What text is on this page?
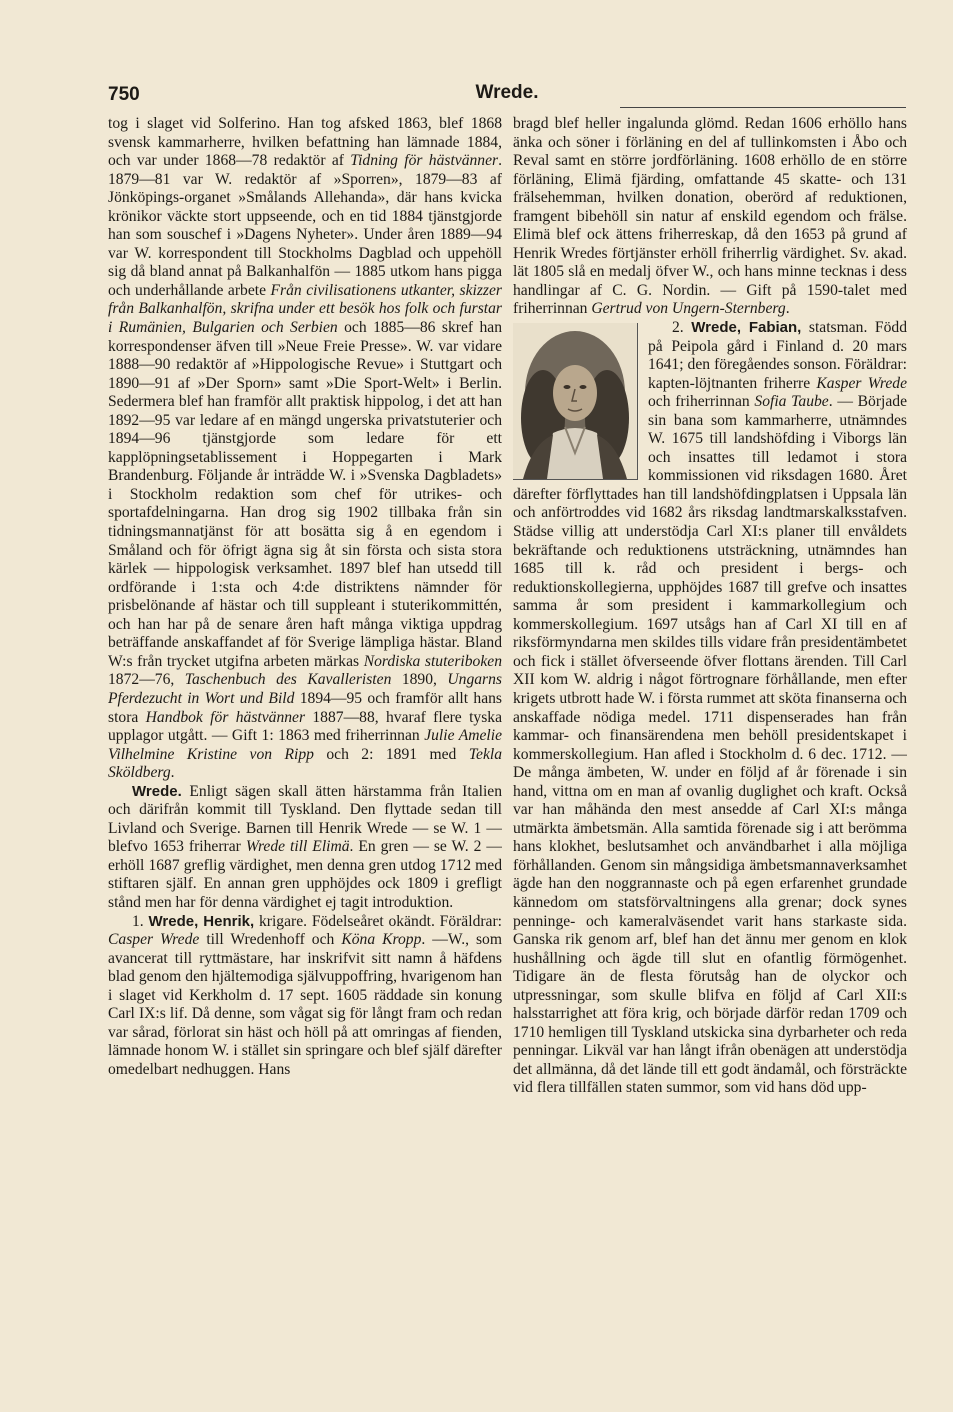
750	Wrede.

tog i slaget vid Solferino. Han tog afsked 1863, blef 1868 svensk kammarherre, hvilken befattning han lämnade 1884, och var under 1868—78 redaktör af Tidning för hästvänner. 1879—81 var W. redaktör af »Sporren», 1879—83 af Jönköpings-organet »Smålands Allehanda», där hans kvicka krönikor väckte stort uppseende, och en tid 1884 tjänstgjorde han som souschef i »Dagens Nyheter». Under åren 1889—94 var W. korrespondent till Stockholms Dagblad och uppehöll sig då bland annat på Balkanhalfön — 1885 utkom hans pigga och underhållande arbete Från civilisationens utkanter, skizzer från Balkanhalfön, skrifna under ett besök hos folk och furstar i Rumänien, Bulgarien och Serbien och 1885—86 skref han korrespondenser äfven till »Neue Freie Presse». W. var vidare 1888—90 redaktör af »Hippologische Revue» i Stuttgart och 1890—91 af »Der Sporn» samt »Die Sport-Welt» i Berlin. Sedermera blef han framför allt praktisk hippolog, i det att han 1892—95 var ledare af en mängd ungerska privatstuterier och 1894—96 tjänstgjorde som ledare för ett kapplöpningsetablissement i Hoppegarten i Mark Brandenburg. Följande år inträdde W. i »Svenska Dagbladets» i Stockholm redaktion som chef för utrikes- och sportafdelningarna. Han drog sig 1902 tillbaka från sin tidningsmannatjänst för att bosätta sig å en egendom i Småland och för öfrigt ägna sig åt sin första och sista stora kärlek — hippologisk verksamhet. 1897 blef han utsedd till ordförande i 1:sta och 4:de distriktens nämnder för prisbelönande af hästar och till suppleant i stuterikommittén, och han har på de senare åren haft många viktiga uppdrag beträffande anskaffandet af för Sverige lämpliga hästar. Bland W:s från trycket utgifna arbeten märkas Nordiska stuteriboken 1872—76, Taschenbuch des Kavalleristen 1890, Ungarns Pferdezucht in Wort und Bild 1894—95 och framför allt hans stora Handbok för hästvänner 1887—88, hvaraf flere tyska upplagor utgått. — Gift 1: 1863 med friherrinnan Julie Amelie Vilhelmine Kristine von Ripp och 2: 1891 med Tekla Sköldberg.

Wrede. Enligt sägen skall ätten härstamma från Italien och därifrån kommit till Tyskland. Den flyttade sedan till Livland och Sverige. Barnen till Henrik Wrede — se W. 1 — blefvo 1653 friherrar Wrede till Elimä. En gren — se W. 2 — erhöll 1687 greflig värdighet, men denna gren utdog 1712 med stiftaren själf. En annan gren upphöjdes ock 1809 i grefligt stånd men har för denna värdighet ej tagit introduktion.

1. Wrede, Henrik, krigare. Födelseåret okändt. Föräldrar: Casper Wrede till Wredenhoff och Köna Kropp. —W., som avancerat till ryttmästare, har inskrifvit sitt namn å häfdens blad genom den hjältemodiga självuppoffring, hvarigenom han i slaget vid Kerkholm d. 17 sept. 1605 räddade sin konung Carl IX:s lif. Då denne, som vågat sig för långt fram och redan var sårad, förlorat sin häst och höll på att omringas af fienden, lämnade honom W. i stället sin springare och blef själf därefter omedelbart nedhuggen. Hans

bragd blef heller ingalunda glömd. Redan 1606 erhöllo hans änka och söner i förläning en del af tullinkomsten i Åbo och Reval samt en större jordförläning. 1608 erhöllo de en större förläning, Elimä fjärding, omfattande 45 skatte- och 131 frälsehemman, hvilken donation, oberörd af reduktionen, framgent bibehöll sin natur af enskild egendom och frälse. Elimä blef ock ättens friherreskap, då den 1653 på grund af Henrik Wredes förtjänster erhöll friherrlig värdighet. Sv. akad. lät 1805 slå en medalj öfver W., och hans minne tecknas i dess handlingar af C. G. Nordin. — Gift på 1590-talet med friherrinnan Gertrud von Ungern-Sternberg.

2. Wrede, Fabian,
statsman. Född på Peipola gård i Finland d. 20 mars 1641; den föregåendes sonson. Föräldrar: kapten-löjtnanten friherre Kasper Wrede och friherrinnan Sofia Taube. — Började sin bana som kammarherre, utnämndes W. 1675 till landshöfding i Viborgs län och insattes till ledamot i stora kommissionen vid riksdagen 1680. Året därefter förflyttades han till landshöfdingplatsen i Uppsala län och anförtroddes vid 1682 års riksdag landtmarskalksstafven. Städse villig att understödja Carl XI:s planer till envåldets bekräftande och reduktionens utsträckning, utnämndes han 1685 till k. råd och president i bergs- och reduktionskollegierna, upphöjdes 1687 till grefve och insattes samma år som president i kammarkollegium och kommerskollegium. 1697 utsågs han af Carl XI till en af riksförmyndarna men skildes tills vidare från presidentämbetet och fick i stället öfverseende öfver flottans ärenden. Till Carl XII kom W. aldrig i något förtrognare förhållande, men efter krigets utbrott hade W. i första rummet att sköta finanserna och anskaffade nödiga medel. 1711 dispenserades han från kammar- och finansärendena men behöll presidentskapet i kommerskollegium. Han afled i Stockholm d. 6 dec. 1712. — De många ämbeten, W. under en följd af år förenade i sin hand, vittna om en man af ovanlig duglighet och kraft. Också var han måhända den mest ansedde af Carl XI:s många utmärkta ämbetsmän. Alla samtida förenade sig i att berömma hans klokhet, beslutsamhet och användbarhet i alla möjliga förhållanden. Genom sin mångsidiga ämbetsmannaverksamhet ägde han den noggrannaste och på egen erfarenhet grundade kännedom om statsförvaltningens alla grenar; dock synes penninge- och kameralväsendet varit hans starkaste sida. Ganska rik genom arf, blef han det ännu mer genom en klok hushållning och ägde till slut en ofantlig förmögenhet. Tidigare än de flesta förutsåg han de olyckor och utpressningar, som skulle blifva en följd af Carl XII:s halsstarrighet att föra krig, och började därför redan 1709 och 1710 hemligen till Tyskland utskicka sina dyrbarheter och reda penningar. Likväl var han långt ifrån obenägen att understödja det allmänna, då det lände till ett godt ändamål, och försträckte vid flera tillfällen staten summor, som vid hans död upp-
